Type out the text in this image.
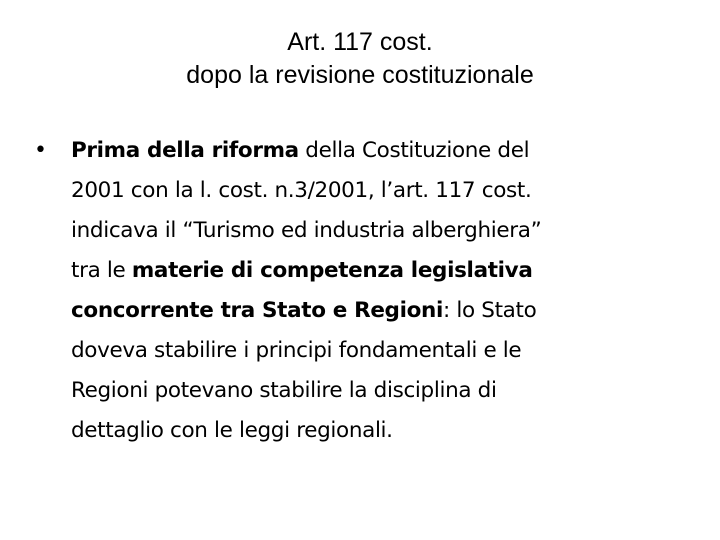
Art. 117 cost.
dopo la revisione costituzionale
•	Prima della riforma della Costituzione del
2001 con la l. cost. n.3/2001, l’art. 117 cost.
indicava il “Turismo ed industria alberghiera”
tra le materie di competenza legislativa
concorrente tra Stato e Regioni: lo Stato
doveva stabilire i principi fondamentali e le
Regioni potevano stabilire la disciplina di
dettaglio con le leggi regionali.
